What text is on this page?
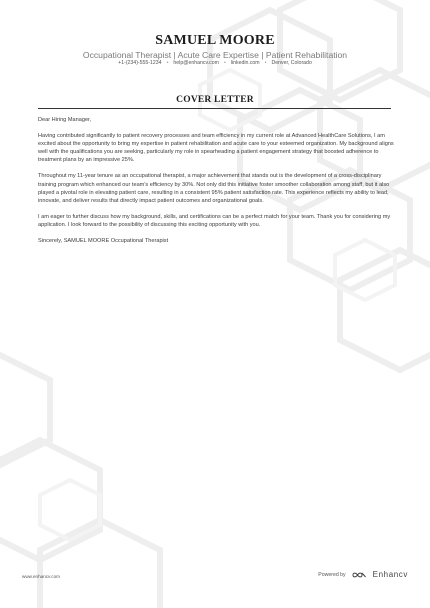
SAMUEL MOORE
Occupational Therapist | Acute Care Expertise | Patient Rehabilitation
+1-(234)-555-1234 • help@enhancv.com • linkedin.com • Denver, Colorado
COVER LETTER

Dear Hiring Manager,

Having contributed significantly to patient recovery processes and team efficiency in my current role at Advanced HealthCare Solutions, I am excited about the opportunity to bring my expertise in patient rehabilitation and acute care to your esteemed organization. My background aligns well with the qualifications you are seeking, particularly my role in spearheading a patient engagement strategy that boosted adherence to treatment plans by an impressive 25%.

Throughout my 11-year tenure as an occupational therapist, a major achievement that stands out is the development of a cross-disciplinary training program which enhanced our team's efficiency by 30%. Not only did this initiative foster smoother collaboration among staff, but it also played a pivotal role in elevating patient care, resulting in a consistent 95% patient satisfaction rate. This experience reflects my ability to lead, innovate, and deliver results that directly impact patient outcomes and organizational goals.

I am eager to further discuss how my background, skills, and certifications can be a perfect match for your team. Thank you for considering my application. I look forward to the possibility of discussing this exciting opportunity with you.

Sincerely, SAMUEL MOORE Occupational Therapist

www.enhancv.com	Powered by	Enhancv
